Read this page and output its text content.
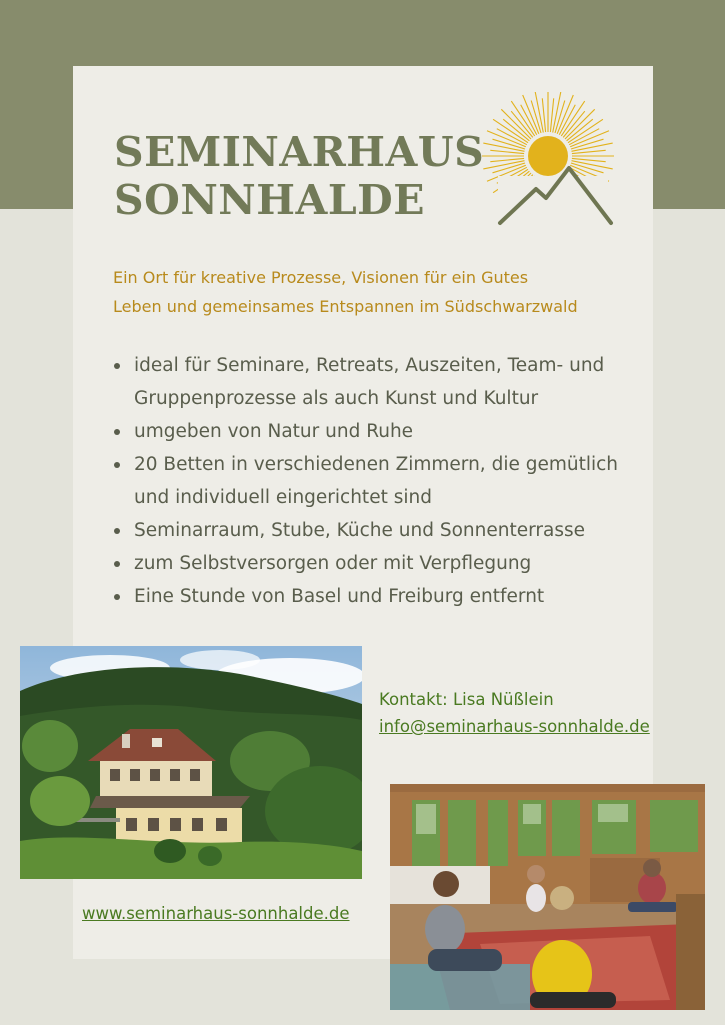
SEMINARHAUS
SONNHALDE
Ein Ort für kreative Prozesse, Visionen für ein Gutes
Leben und gemeinsames Entspannen im Südschwarzwald
ideal für Seminare, Retreats, Auszeiten, Team- und Gruppenprozesse als auch Kunst und Kultur
umgeben von Natur und Ruhe
20 Betten in verschiedenen Zimmern, die gemütlich und individuell eingerichtet sind
Seminarraum, Stube, Küche und Sonnenterrasse
zum Selbstversorgen oder mit Verpflegung
Eine Stunde von Basel und Freiburg entfernt
Kontakt: Lisa Nüßlein
info@seminarhaus-sonnhalde.de
www.seminarhaus-sonnhalde.de
